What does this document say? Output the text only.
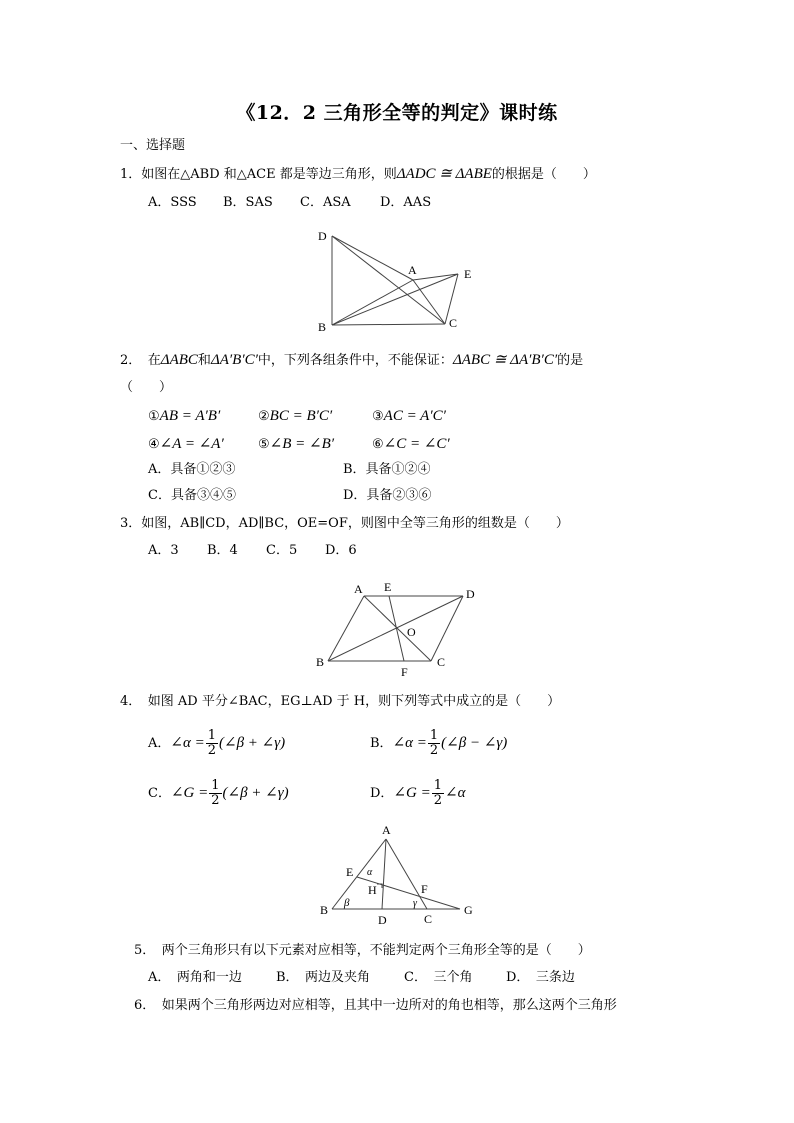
《12．2 三角形全等的判定》课时练
一、选择题
1．如图在△ABD 和△ACE 都是等边三角形，则ΔADC ≅ ΔABE的根据是（　　）
A．SSS B．SAS C．ASA D．AAS
D
A	E
B	C
2．　在ΔABC和ΔA′B′C′中，下列各组条件中，不能保证：ΔABC ≅ ΔA′B′C′的是
（　　）
①AB = A′B′	②BC = B′C′	③AC = A′C′
④∠A = ∠A′	⑤∠B = ∠B′	⑥∠C = ∠C′
A．具备①②③	B．具备①②④
C．具备③④⑤	D．具备②③⑥
3．如图，AB∥CD，AD∥BC，OE=OF，则图中全等三角形的组数是（　　）
A．3 B．4 C．5 D．6
A E	D
O
B
F
C
4．　如图 AD 平分∠BAC，EG⊥AD 于 H，则下列等式中成立的是（　　）
A．∠α = $\frac{1}{2}$ (∠β + ∠γ)	B．∠α = $\frac{1}{2}$ (∠β − ∠γ)
C．∠G = $\frac{1}{2}$ (∠β + ∠γ)	D．∠G = $\frac{1}{2}$ ∠α
A
E α
H	F
B β
D
γ
C
G
5．　两个三角形只有以下元素对应相等，不能判定两个三角形全等的是（　　）
A．　两角和一边	B．　两边及夹角	C．　三个角	D．　三条边
6．　如果两个三角形两边对应相等，且其中一边所对的角也相等，那么这两个三角形
